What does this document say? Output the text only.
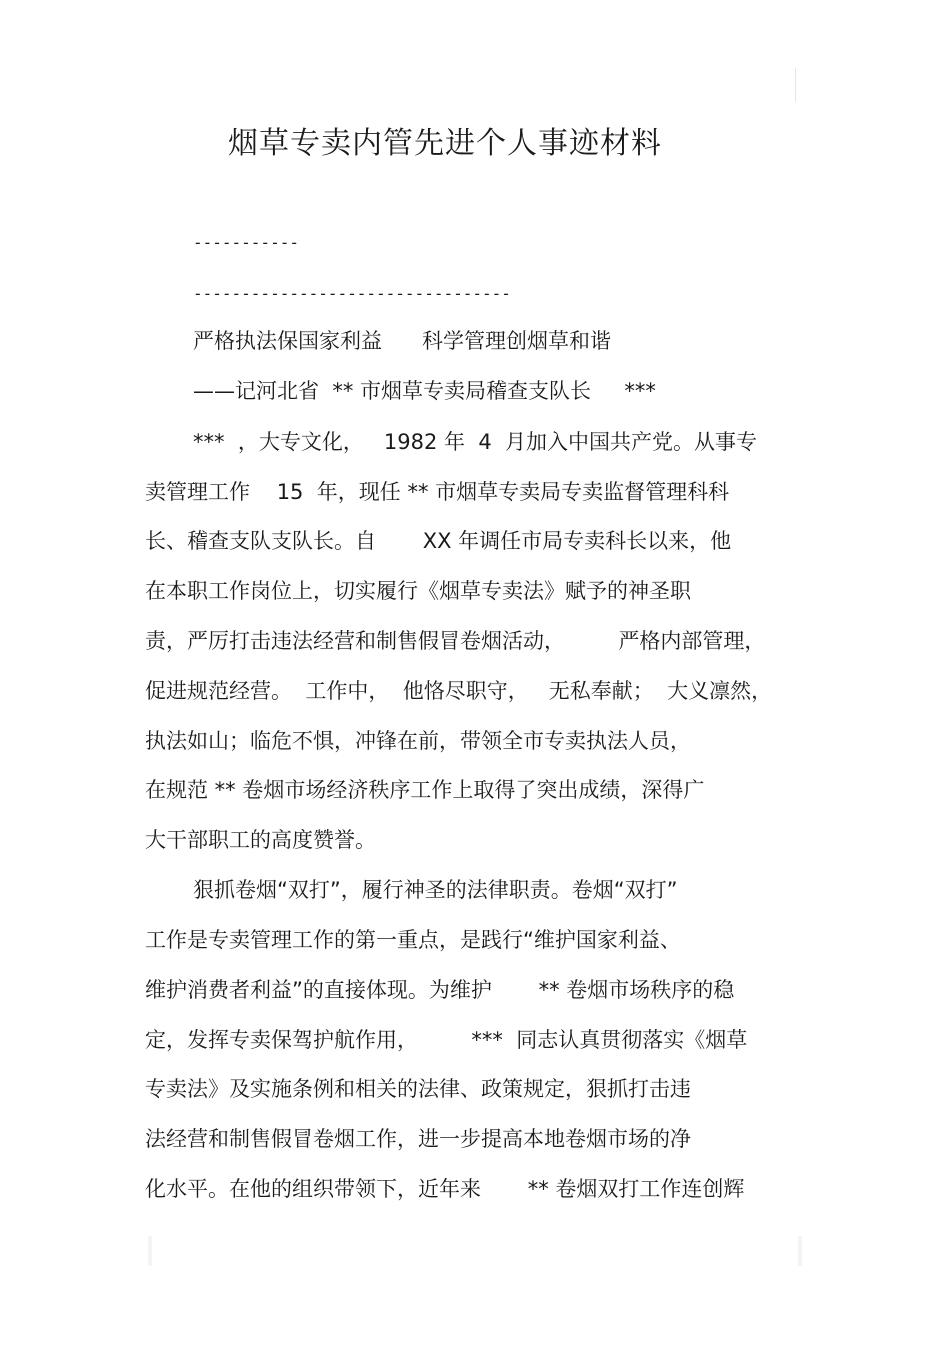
烟草专卖内管先进个人事迹材料
-----------
---------------------------------
严格执法保国家利益      科学管理创烟草和谐
——记河北省  ** 市烟草专卖局稽查支队长     ***
***  ，大专文化，   1982 年  4  月加入中国共产党。从事专
卖管理工作    15  年，现任 ** 市烟草专卖局专卖监督管理科科
长、稽查支队支队长。自       XX 年调任市局专卖科长以来，他
在本职工作岗位上，切实履行《烟草专卖法》赋予的神圣职
责，严厉打击违法经营和制售假冒卷烟活动，        严格内部管理，
促进规范经营。  工作中，  他恪尽职守，   无私奉献；  大义凛然，
执法如山；临危不惧，冲锋在前，带领全市专卖执法人员，
在规范 ** 卷烟市场经济秩序工作上取得了突出成绩，深得广
大干部职工的高度赞誉。
狠抓卷烟“双打”，履行神圣的法律职责。卷烟“双打”
工作是专卖管理工作的第一重点，是践行“维护国家利益、
维护消费者利益”的直接体现。为维护       ** 卷烟市场秩序的稳
定，发挥专卖保驾护航作用，        ***  同志认真贯彻落实《烟草
专卖法》及实施条例和相关的法律、政策规定，狠抓打击违
法经营和制售假冒卷烟工作，进一步提高本地卷烟市场的净
化水平。在他的组织带领下，近年来       ** 卷烟双打工作连创辉
